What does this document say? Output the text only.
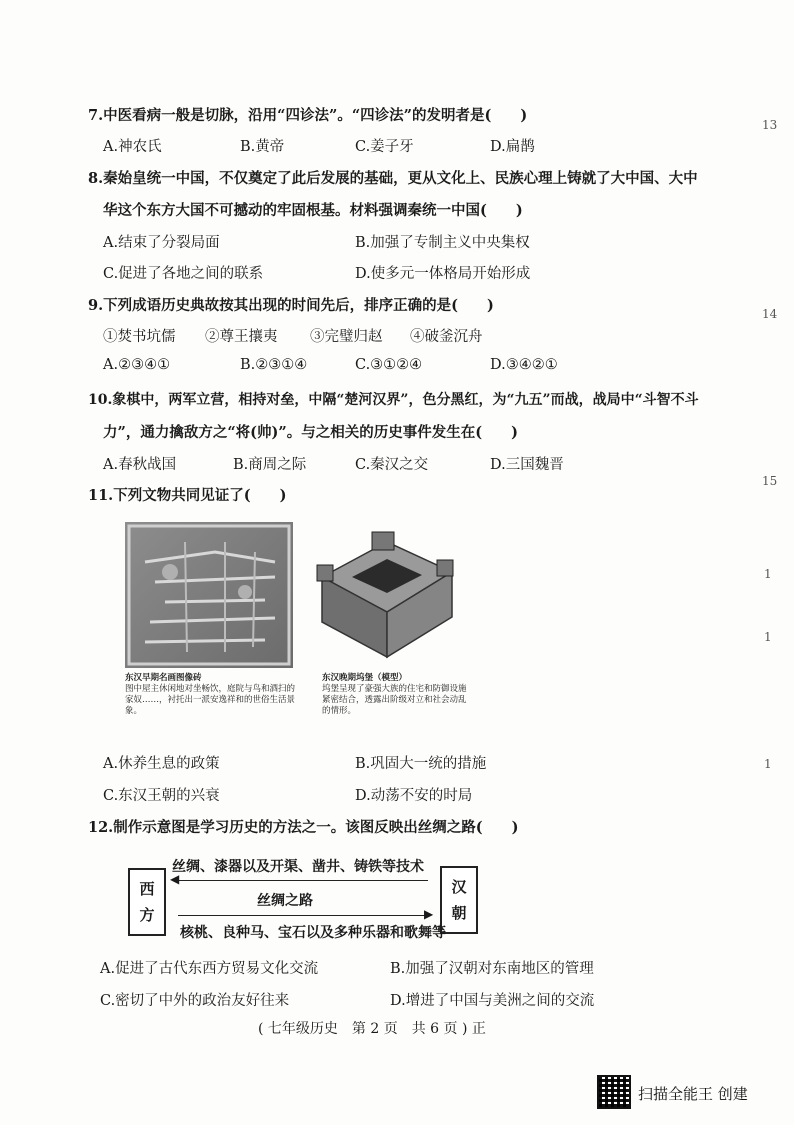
7.中医看病一般是切脉，沿用“四诊法”。“四诊法”的发明者是(　　)
A.神农氏	B.黄帝	C.姜子牙	D.扁鹊
8.秦始皇统一中国，不仅奠定了此后发展的基础，更从文化上、民族心理上铸就了大中国、大中
华这个东方大国不可撼动的牢固根基。材料强调秦统一中国(　　)
A.结束了分裂局面	B.加强了专制主义中央集权
C.促进了各地之间的联系	D.使多元一体格局开始形成
9.下列成语历史典故按其出现的时间先后，排序正确的是(　　)
①焚书坑儒 ②尊王攘夷 ③完璧归赵 ④破釜沉舟
A.②③④①	B.②③①④	C.③①②④	D.③④②①
10.象棋中，两军立营，相持对垒，中隔“楚河汉界”，色分黑红，为“九五”而战，战局中“斗智不斗
力”，通力擒敌方之“将(帅)”。与之相关的历史事件发生在(　　)
A.春秋战国	B.商周之际	C.秦汉之交	D.三国魏晋
11.下列文物共同见证了(　　)
东汉早期名画图像砖
图中屋主休闲地对坐畅饮，庭院与鸟和酒扫的家奴……，衬托出一派安逸祥和的世俗生活景象。
东汉晚期坞堡（模型）
坞堡呈现了豪强大族的住宅和防御设施紧密结合，透露出阶级对立和社会动乱的情形。
A.休养生息的政策	B.巩固大一统的措施
C.东汉王朝的兴衰	D.动荡不安的时局
12.制作示意图是学习历史的方法之一。该图反映出丝绸之路(　　)
西
方
汉
朝
丝绸、漆器以及开渠、凿井、铸铁等技术
◀
丝绸之路
▶
核桃、良种马、宝石以及多种乐器和歌舞等
A.促进了古代东西方贸易文化交流	B.加强了汉朝对东南地区的管理
C.密切了中外的政治友好往来	D.增进了中国与美洲之间的交流
( 七年级历史　第 2 页　共 6 页 ) 正
扫描全能王 创建
13
14
15
1
1
1
